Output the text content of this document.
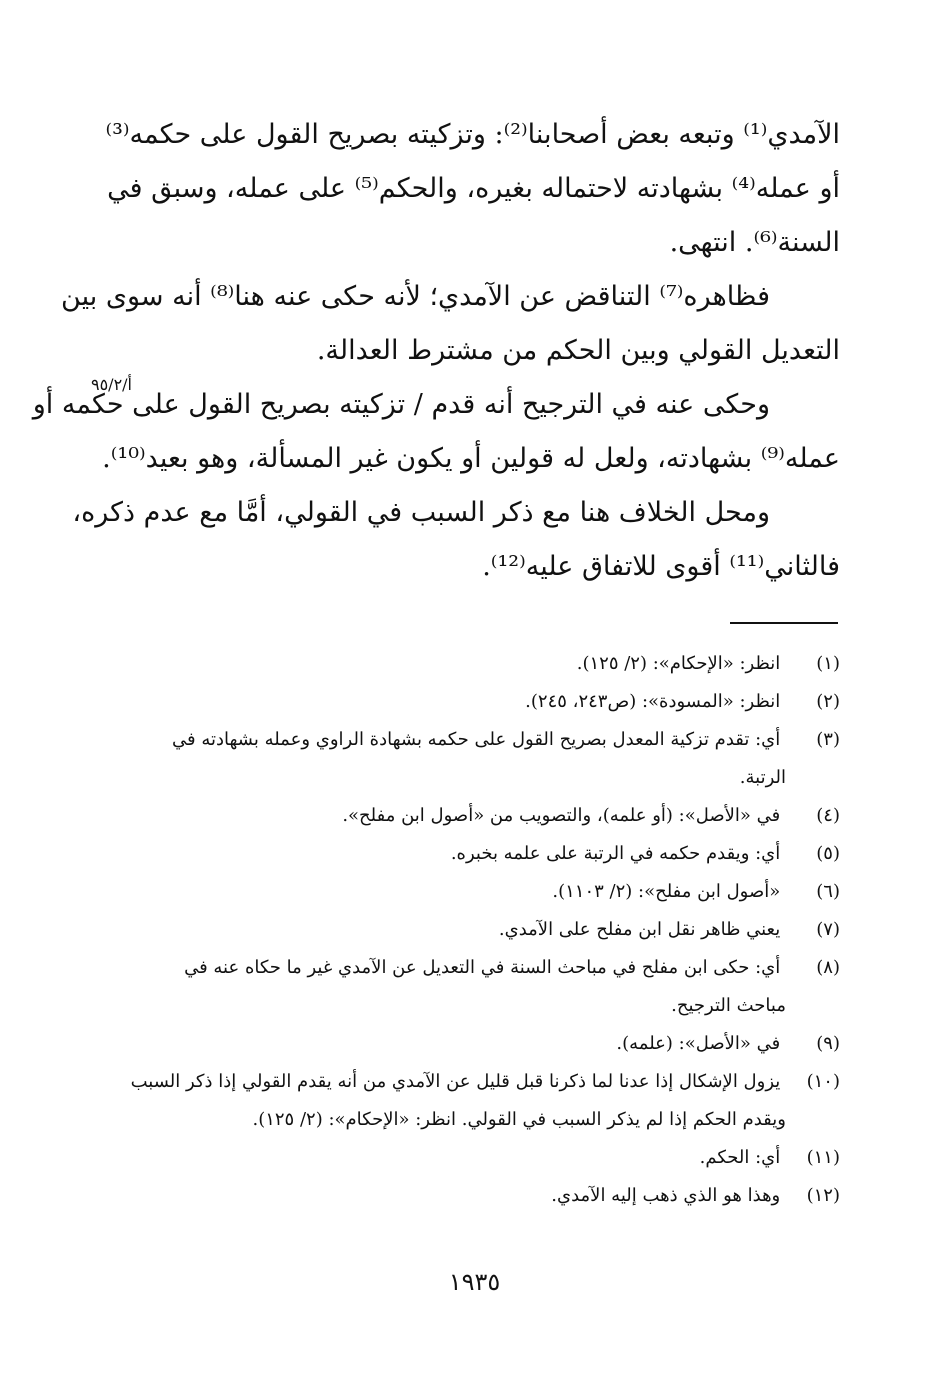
أ/٩٥/٢
الآمدي⁽¹⁾ وتبعه بعض أصحابنا⁽²⁾: وتزكيته بصريح القول على حكمه⁽³⁾
أو عمله⁽⁴⁾ بشهادته لاحتماله بغيره، والحكم⁽⁵⁾ على عمله، وسبق في
السنة⁽⁶⁾. انتهى.
فظاهره⁽⁷⁾ التناقض عن الآمدي؛ لأنه حكى عنه هنا⁽⁸⁾ أنه سوى بين
التعديل القولي وبين الحكم من مشترط العدالة.
وحكى عنه في الترجيح أنه قدم / تزكيته بصريح القول على حكمه أو
عمله⁽⁹⁾ بشهادته، ولعل له قولين أو يكون غير المسألة، وهو بعيد⁽¹⁰⁾.
ومحل الخلاف هنا مع ذكر السبب في القولي، أمَّا مع عدم ذكره،
فالثاني⁽¹¹⁾ أقوى للاتفاق عليه⁽¹²⁾.
(١) انظر: «الإحكام»: (٢/ ١٢٥).
(٢) انظر: «المسودة»: (ص٢٤٣، ٢٤٥).
(٣) أي: تقدم تزكية المعدل بصريح القول على حكمه بشهادة الراوي وعمله بشهادته في
الرتبة.
(٤) في «الأصل»: (أو علمه)، والتصويب من «أصول ابن مفلح».
(٥) أي: ويقدم حكمه في الرتبة على علمه بخبره.
(٦) «أصول ابن مفلح»: (٢/ ١١٠٣).
(٧) يعني ظاهر نقل ابن مفلح على الآمدي.
(٨) أي: حكى ابن مفلح في مباحث السنة في التعديل عن الآمدي غير ما حكاه عنه في
مباحث الترجيح.
(٩) في «الأصل»: (علمه).
(١٠) يزول الإشكال إذا عدنا لما ذكرنا قبل قليل عن الآمدي من أنه يقدم القولي إذا ذكر السبب
ويقدم الحكم إذا لم يذكر السبب في القولي. انظر: «الإحكام»: (٢/ ١٢٥).
(١١) أي: الحكم.
(١٢) وهذا هو الذي ذهب إليه الآمدي.
١٩٣٥
